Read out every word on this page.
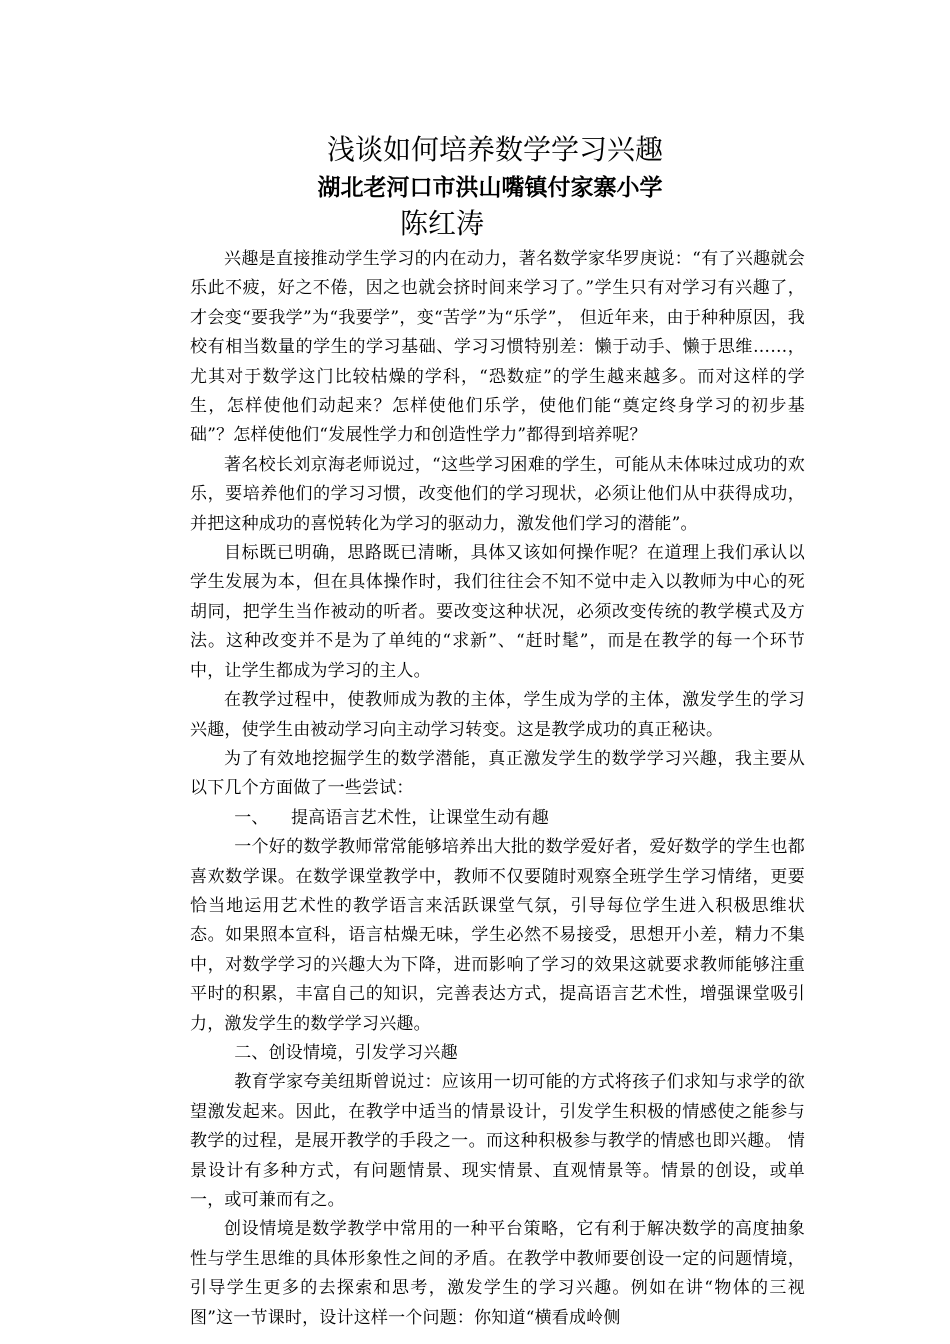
浅谈如何培养数学学习兴趣
湖北老河口市洪山嘴镇付家寨小学
陈红涛

兴趣是直接推动学生学习的内在动力，著名数学家华罗庚说：“有了兴趣就会乐此不疲，好之不倦，因之也就会挤时间来学习了。”学生只有对学习有兴趣了，才会变“要我学”为“我要学”，变“苦学”为“乐学”， 但近年来，由于种种原因，我校有相当数量的学生的学习基础、学习习惯特别差：懒于动手、懒于思维……，尤其对于数学这门比较枯燥的学科，“恐数症”的学生越来越多。而对这样的学生，怎样使他们动起来？怎样使他们乐学，使他们能“奠定终身学习的初步基础”？怎样使他们“发展性学力和创造性学力”都得到培养呢？

著名校长刘京海老师说过，“这些学习困难的学生，可能从未体味过成功的欢乐，要培养他们的学习习惯，改变他们的学习现状，必须让他们从中获得成功，并把这种成功的喜悦转化为学习的驱动力，激发他们学习的潜能”。

目标既已明确，思路既已清晰，具体又该如何操作呢？在道理上我们承认以学生发展为本，但在具体操作时，我们往往会不知不觉中走入以教师为中心的死胡同，把学生当作被动的听者。要改变这种状况，必须改变传统的教学模式及方法。这种改变并不是为了单纯的“求新”、“赶时髦”，而是在教学的每一个环节中，让学生都成为学习的主人。

在教学过程中，使教师成为教的主体，学生成为学的主体，激发学生的学习兴趣，使学生由被动学习向主动学习转变。这是教学成功的真正秘诀。

为了有效地挖掘学生的数学潜能，真正激发学生的数学学习兴趣，我主要从以下几个方面做了一些尝试：

一、    提高语言艺术性，让课堂生动有趣

一个好的数学教师常常能够培养出大批的数学爱好者，爱好数学的学生也都喜欢数学课。在数学课堂教学中，教师不仅要随时观察全班学生学习情绪，更要恰当地运用艺术性的教学语言来活跃课堂气氛，引导每位学生进入积极思维状态。如果照本宣科，语言枯燥无味，学生必然不易接受，思想开小差，精力不集中，对数学学习的兴趣大为下降，进而影响了学习的效果这就要求教师能够注重平时的积累，丰富自己的知识，完善表达方式，提高语言艺术性，增强课堂吸引力，激发学生的数学学习兴趣。

二、创设情境，引发学习兴趣

教育学家夸美纽斯曾说过：应该用一切可能的方式将孩子们求知与求学的欲望激发起来。因此，在教学中适当的情景设计，引发学生积极的情感使之能参与教学的过程，是展开教学的手段之一。而这种积极参与教学的情感也即兴趣。 情景设计有多种方式，有问题情景、现实情景、直观情景等。情景的创设，或单一，或可兼而有之。

创设情境是数学教学中常用的一种平台策略，它有利于解决数学的高度抽象性与学生思维的具体形象性之间的矛盾。在教学中教师要创设一定的问题情境，引导学生更多的去探索和思考，激发学生的学习兴趣。例如在讲“物体的三视图”这一节课时，设计这样一个问题：你知道“横看成岭侧
